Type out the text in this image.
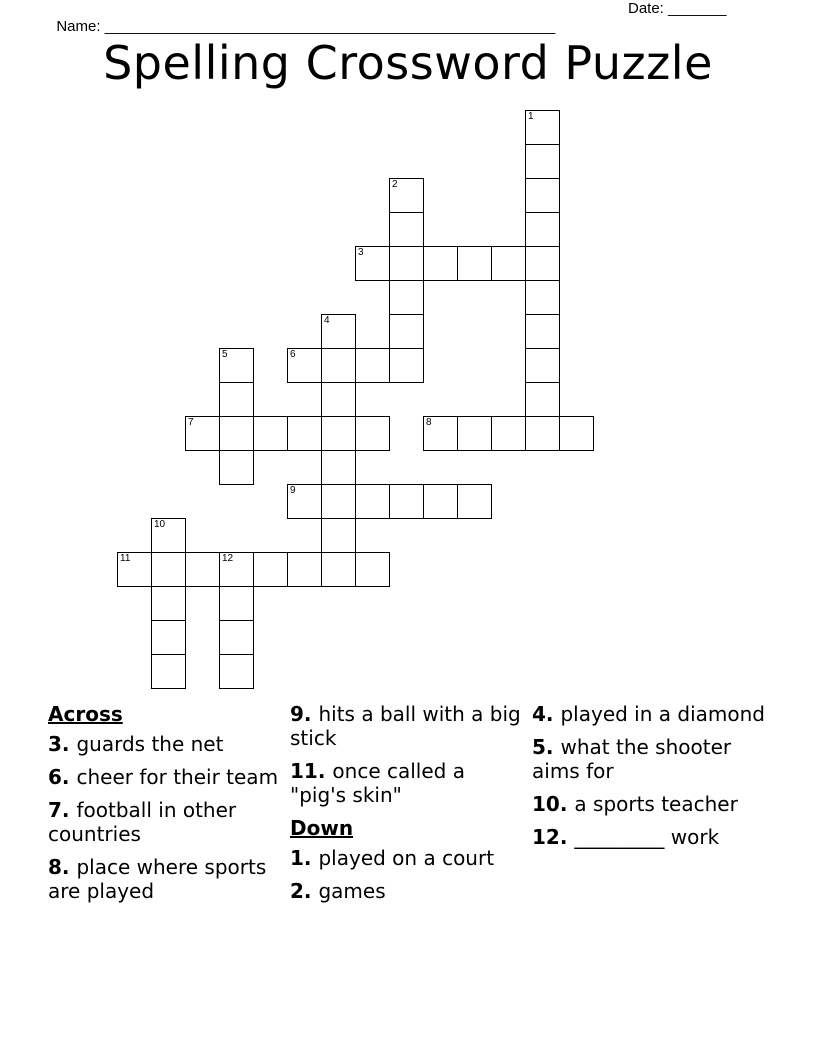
Name: ______________________________________________________

Date: _______

Spelling Crossword Puzzle
1
2
3
4
5	6
7	8
9
10
11	12
Across
3. guards the net
6. cheer for their team
7. football in other countries
8. place where sports are played
9. hits a ball with a big stick
11. once called a "pig's skin"
Down
1. played on a court
2. games
4. played in a diamond
5. what the shooter aims for
10. a sports teacher
12. _________ work
